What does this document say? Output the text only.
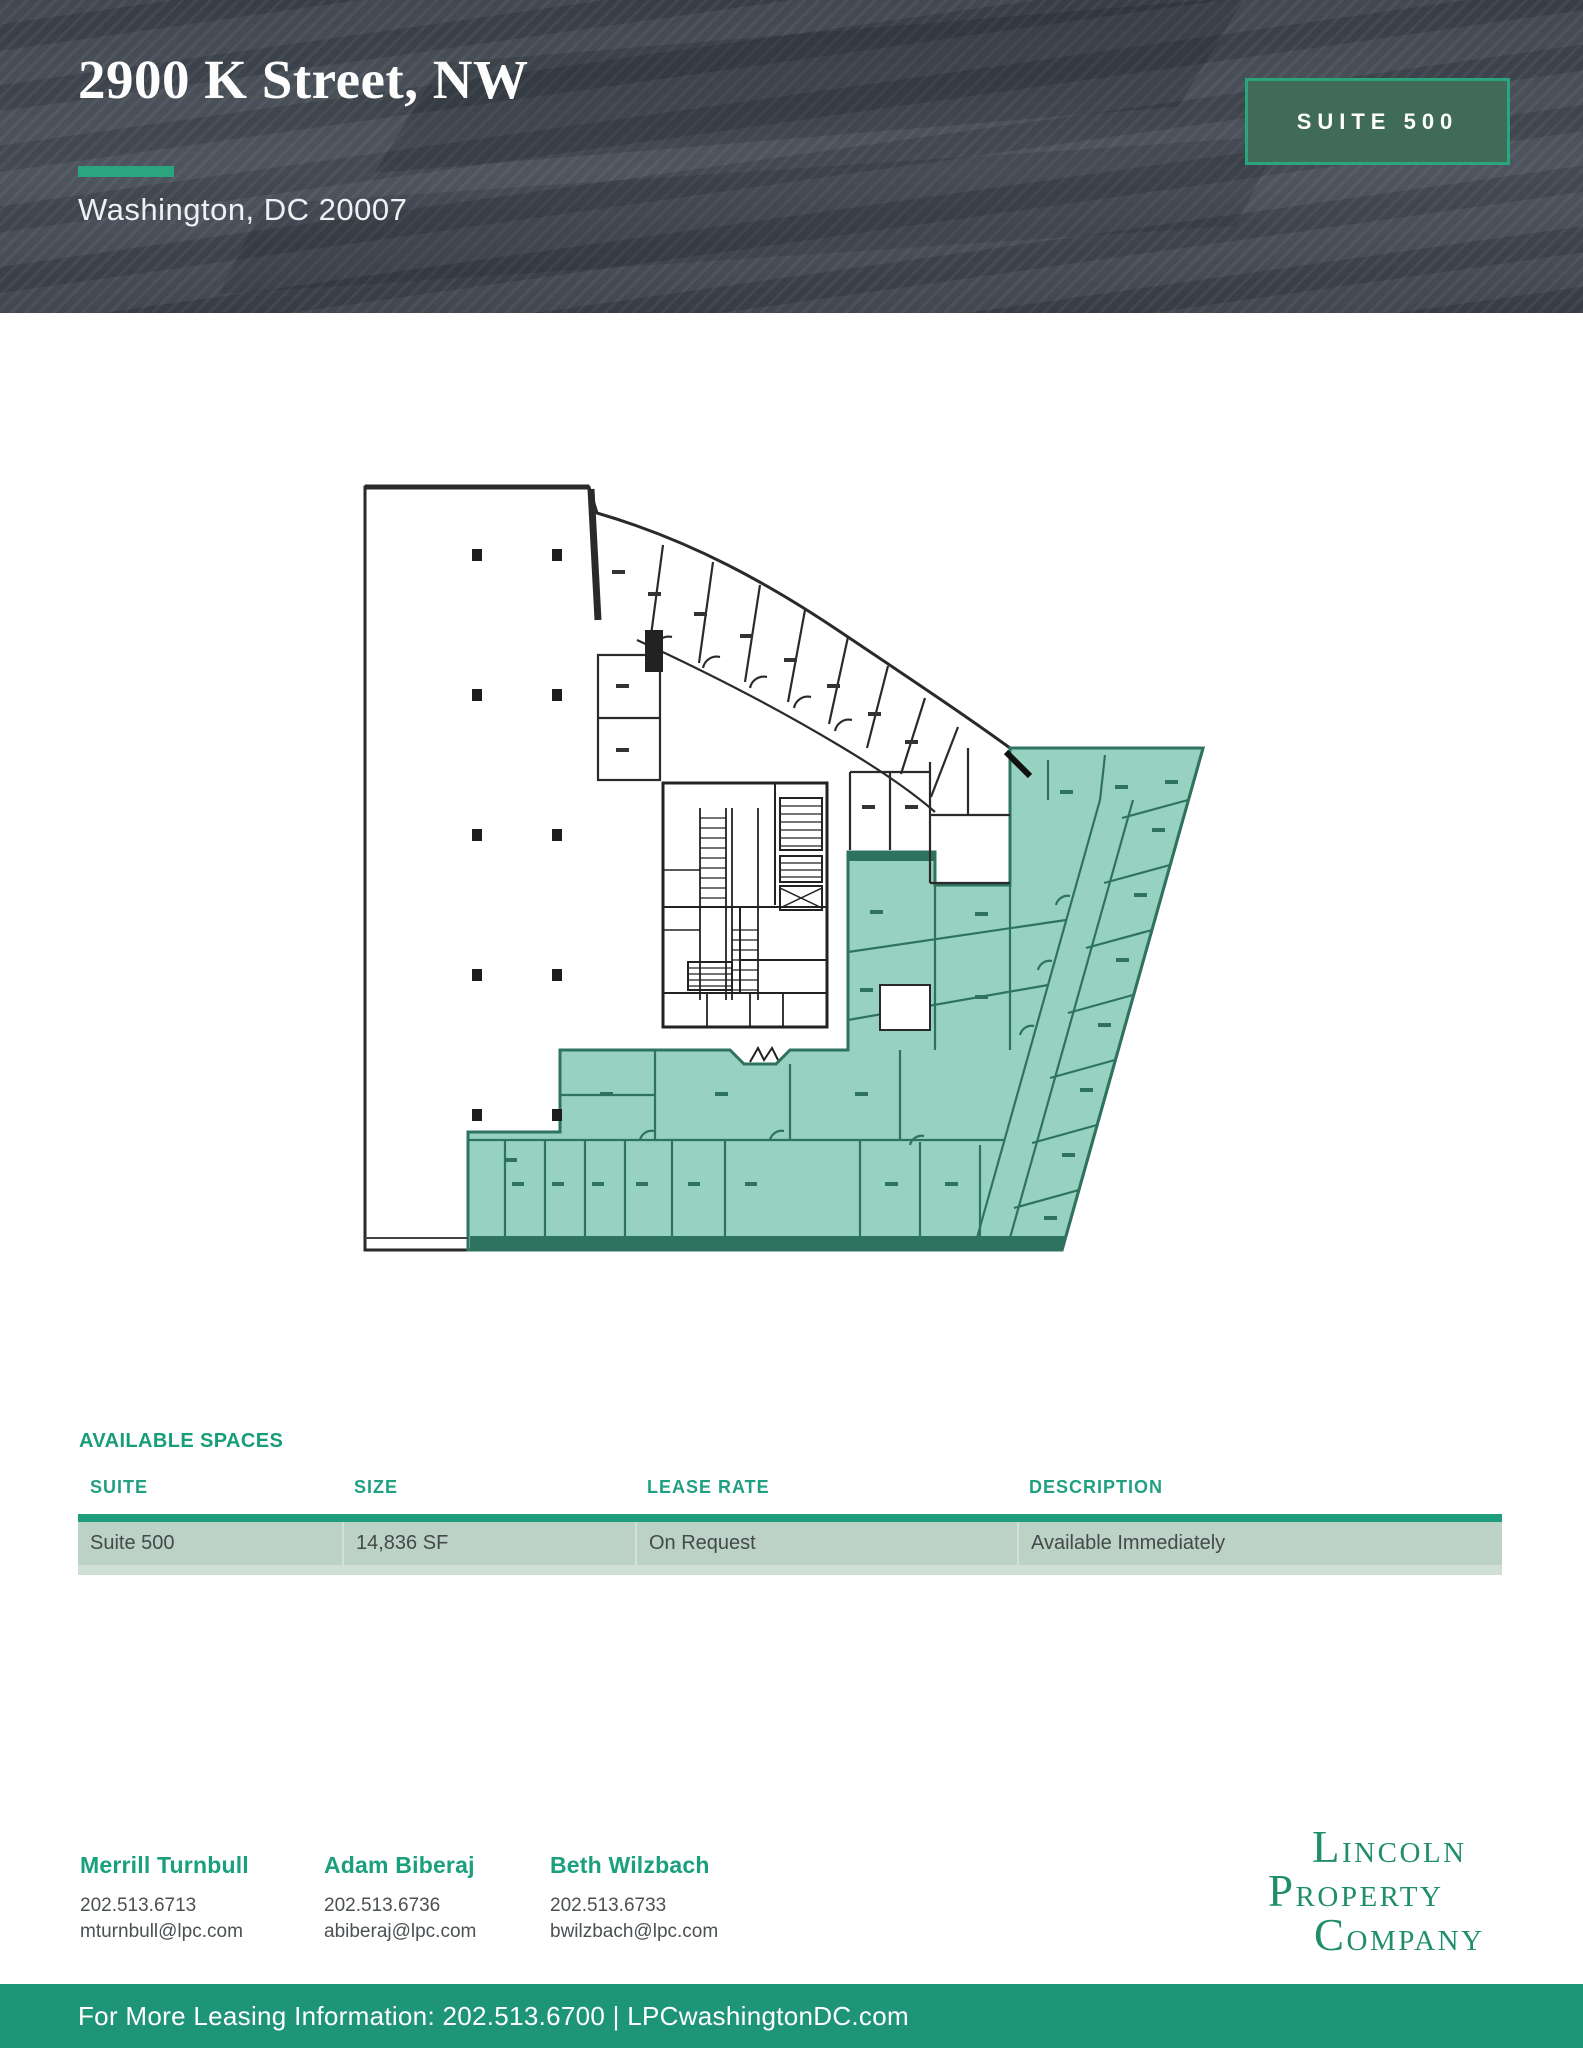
2900 K Street, NW
Washington, DC 20007
SUITE 500
AVAILABLE SPACES
SUITE	SIZE	LEASE RATE	DESCRIPTION
Suite 500	14,836 SF	On Request	Available Immediately
Merrill Turnbull
202.513.6713
mturnbull@lpc.com
Adam Biberaj
202.513.6736
abiberaj@lpc.com
Beth Wilzbach
202.513.6733
bwilzbach@lpc.com
LINCOLN
PROPERTY
COMPANY
For More Leasing Information: 202.513.6700 | LPCwashingtonDC.com
